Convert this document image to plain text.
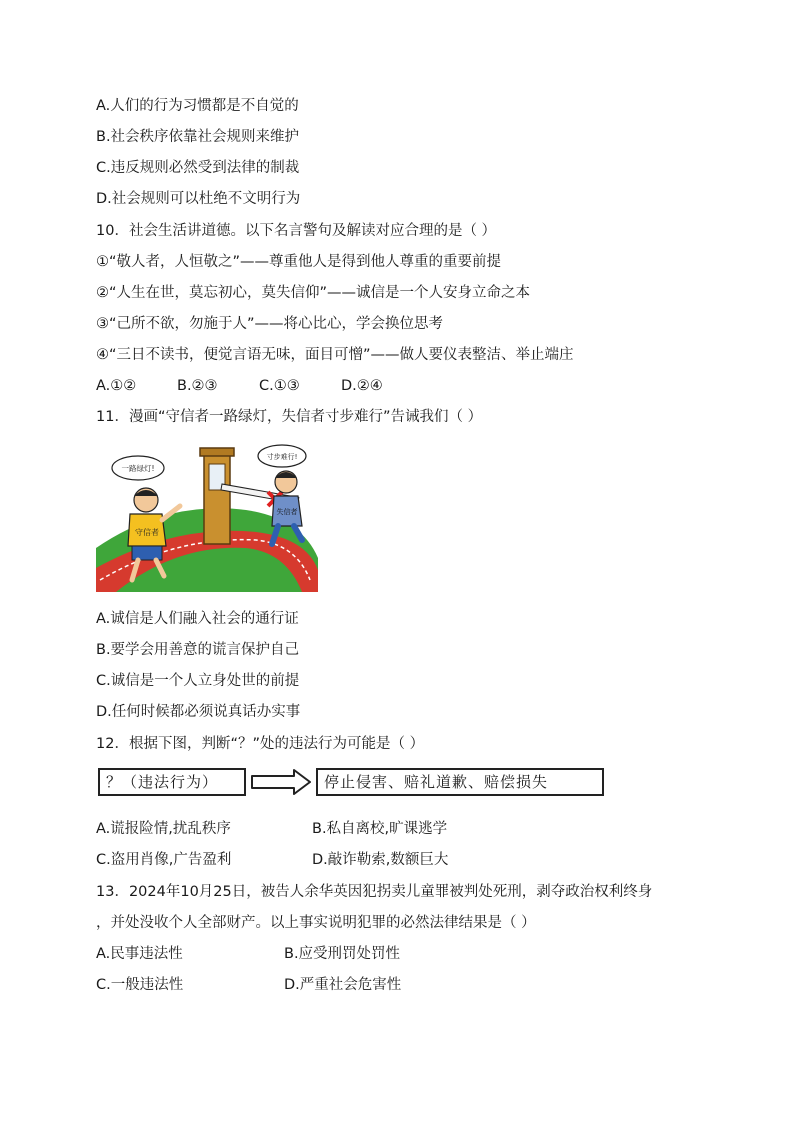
A.人们的行为习惯都是不自觉的
B.社会秩序依靠社会规则来维护
C.违反规则必然受到法律的制裁
D.社会规则可以杜绝不文明行为
10．社会生活讲道德。以下名言警句及解读对应合理的是（ ）
①“敬人者，人恒敬之”——尊重他人是得到他人尊重的重要前提
②“人生在世，莫忘初心，莫失信仰”——诚信是一个人安身立命之本
③“己所不欲，勿施于人”——将心比心，学会换位思考
④“三日不读书，便觉言语无味，面目可憎”——做人要仪表整洁、举止端庄
A.①②	B.②③	C.①③	D.②④
11．漫画“守信者一路绿灯，失信者寸步难行”告诫我们（ ）
守信者
一路绿灯!
失信者
寸步难行!
A.诚信是人们融入社会的通行证
B.要学会用善意的谎言保护自己
C.诚信是一个人立身处世的前提
D.任何时候都必须说真话办实事
12．根据下图，判断“？”处的违法行为可能是（ ）
？（违法行为）	停止侵害、赔礼道歉、赔偿损失
A.谎报险情,扰乱秩序	B.私自离校,旷课逃学
C.盗用肖像,广告盈利	D.敲诈勒索,数额巨大
13．2024年10月25日，被告人余华英因犯拐卖儿童罪被判处死刑，剥夺政治权利终身
，并处没收个人全部财产。以上事实说明犯罪的必然法律结果是（ ）
A.民事违法性	B.应受刑罚处罚性
C.一般违法性	D.严重社会危害性
